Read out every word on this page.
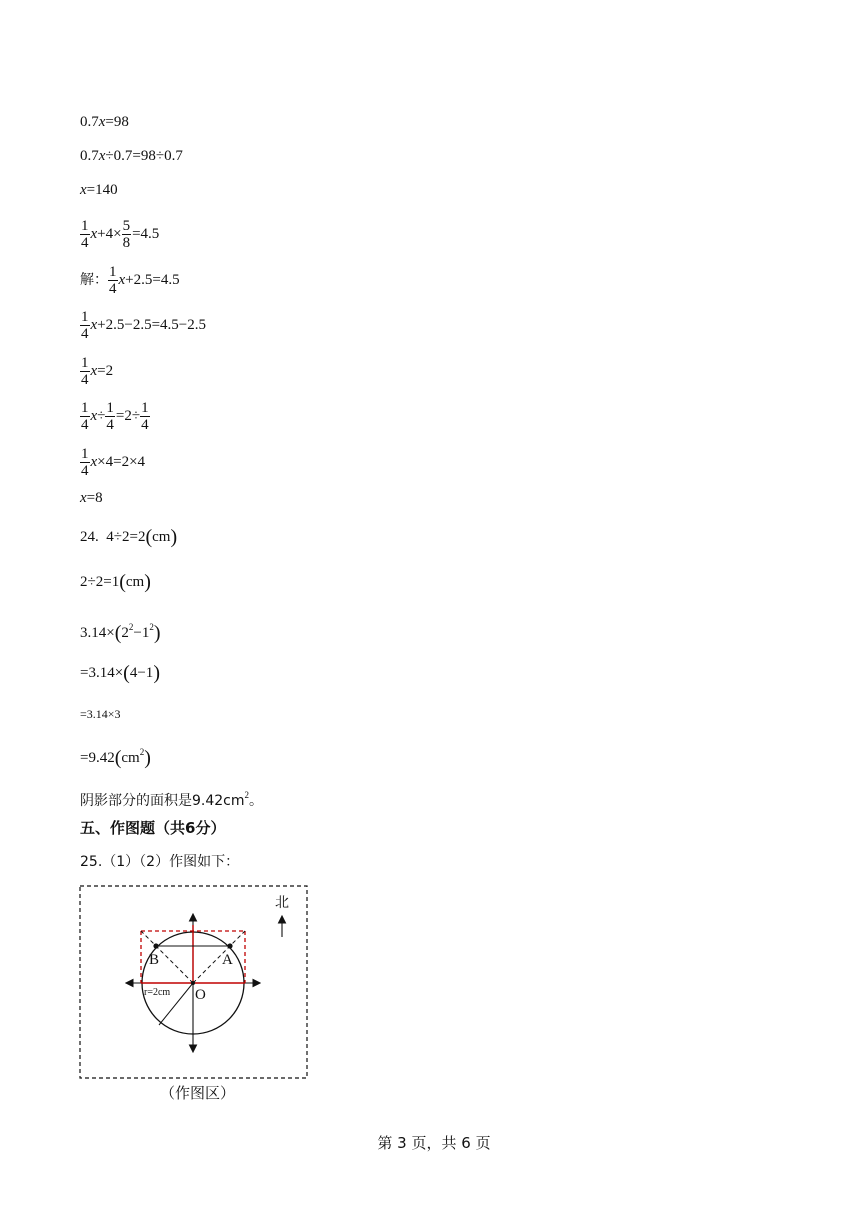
0.7x=98
0.7x÷0.7=98÷0.7
x=140
$\frac{1}{4} x+4\times \frac{5}{8} =4.5$
解： $\frac{1}{4} x+2.5=4.5$
$\frac{1}{4} x+2.5-2.5=4.5-2.5$
$\frac{1}{4} x=2$
$\frac{1}{4} x\div \frac{1}{4} =2\div \frac{1}{4}$
$\frac{1}{4} x\times 4=2\times 4$
x=8
24. 4÷2=2(cm)
2÷2=1(cm)
$3.14\times(2^2-1^2)$
=3.14×(4−1)
=3.14×3
$=9.42(cm^2)$
阴影部分的面积是$9.42cm^2$。
五、作图题（共6分）
25.（1）（2）作图如下：
B	A
O
r=2cm
北
（作图区）
第 3 页，共 6 页
